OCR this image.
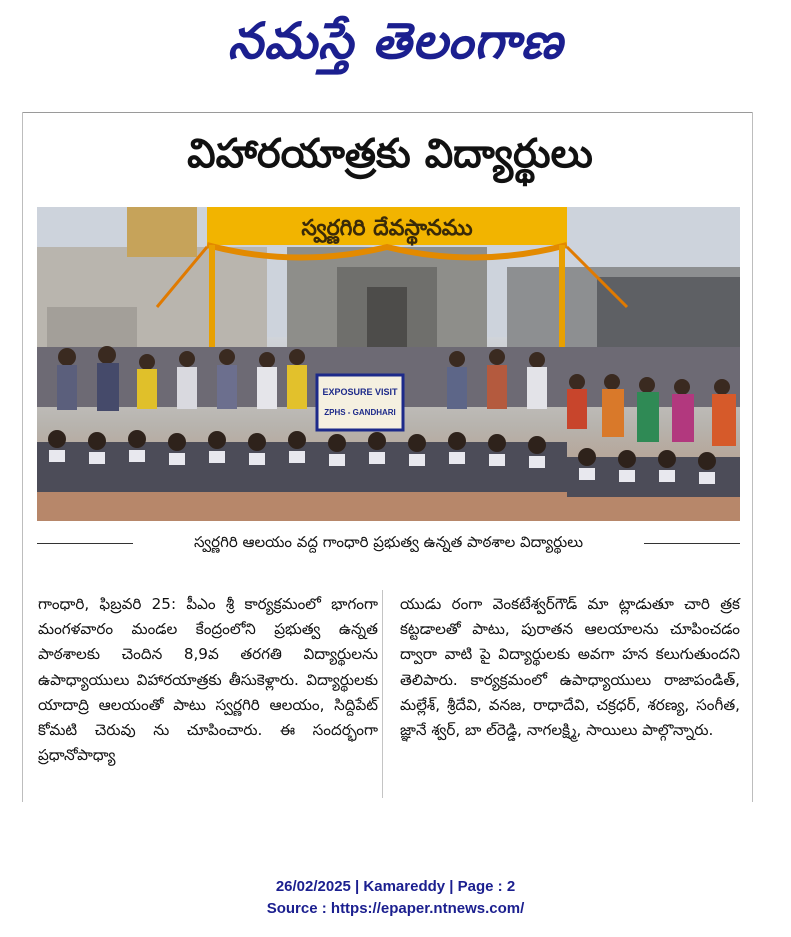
నమస్తే తెలంగాణ
విహారయాత్రకు విద్యార్థులు
స్వర్ణగిరి దేవస్థానము
EXPOSURE VISIT
ZPHS - GANDHARI
స్వర్ణగిరి ఆలయం వద్ద గాంధారి ప్రభుత్వ ఉన్నత పాఠశాల విద్యార్థులు

గాంధారి, ఫిబ్రవరి 25: పీఎం శ్రీ కార్యక్రమంలో భాగంగా మంగళవారం మండల కేంద్రంలోని ప్రభుత్వ ఉన్నత పాఠశాలకు చెందిన 8,9వ తరగతి విద్యార్థులను ఉపాధ్యాయులు విహారయాత్రకు తీసుకెళ్లారు. విద్యార్థులకు యాదాద్రి ఆలయంతో పాటు స్వర్ణగిరి ఆలయం, సిద్దిపేట్ కోమటి చెరువు ను చూపించారు. ఈ సందర్భంగా ప్రధానోపాధ్యా

యుడు రంగా వెంకటేశ్వర్‌గౌడ్ మా ట్లాడుతూ చారి త్రక కట్టడాలతో పాటు, పురాతన ఆలయాలను చూపించడం ద్వారా వాటి పై విద్యార్థులకు అవగా హన కలుగుతుందని తెలిపారు. కార్యక్రమంలో ఉపాధ్యాయులు రాజాపండిత్, మల్లేశ్, శ్రీదేవి, వనజ, రాధాదేవి, చక్రధర్, శరణ్య, సంగీత, జ్ఞానే శ్వర్, బా ల్‌రెడ్డి, నాగలక్ష్మి, సాయిలు పాల్గొన్నారు.

26/02/2025 | Kamareddy | Page : 2
Source : https://epaper.ntnews.com/
